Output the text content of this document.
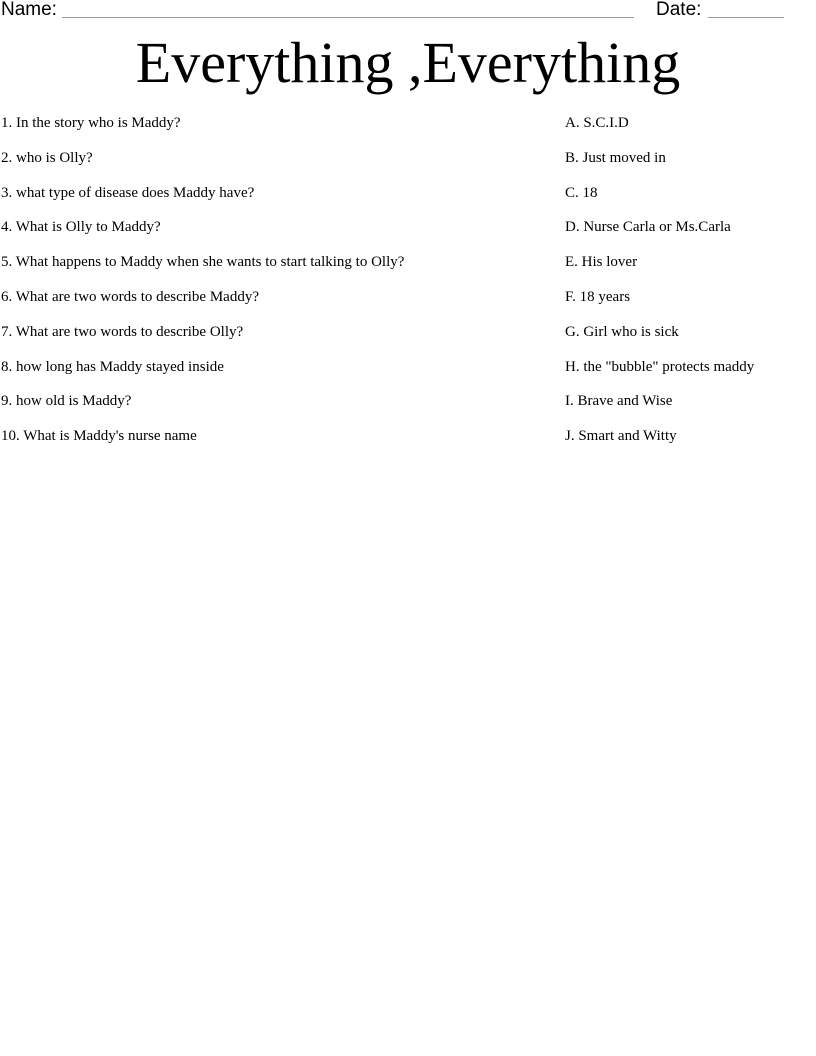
Name:	Date:
Everything ,Everything
1. In the story who is Maddy?
2. who is Olly?
3. what type of disease does Maddy have?
4. What is Olly to Maddy?
5. What happens to Maddy when she wants to start talking to Olly?
6. What are two words to describe Maddy?
7. What are two words to describe Olly?
8. how long has Maddy stayed inside
9. how old is Maddy?
10. What is Maddy's nurse name
A. S.C.I.D
B. Just moved in
C. 18
D. Nurse Carla or Ms.Carla
E. His lover
F. 18 years
G. Girl who is sick
H. the "bubble" protects maddy
I. Brave and Wise
J. Smart and Witty
